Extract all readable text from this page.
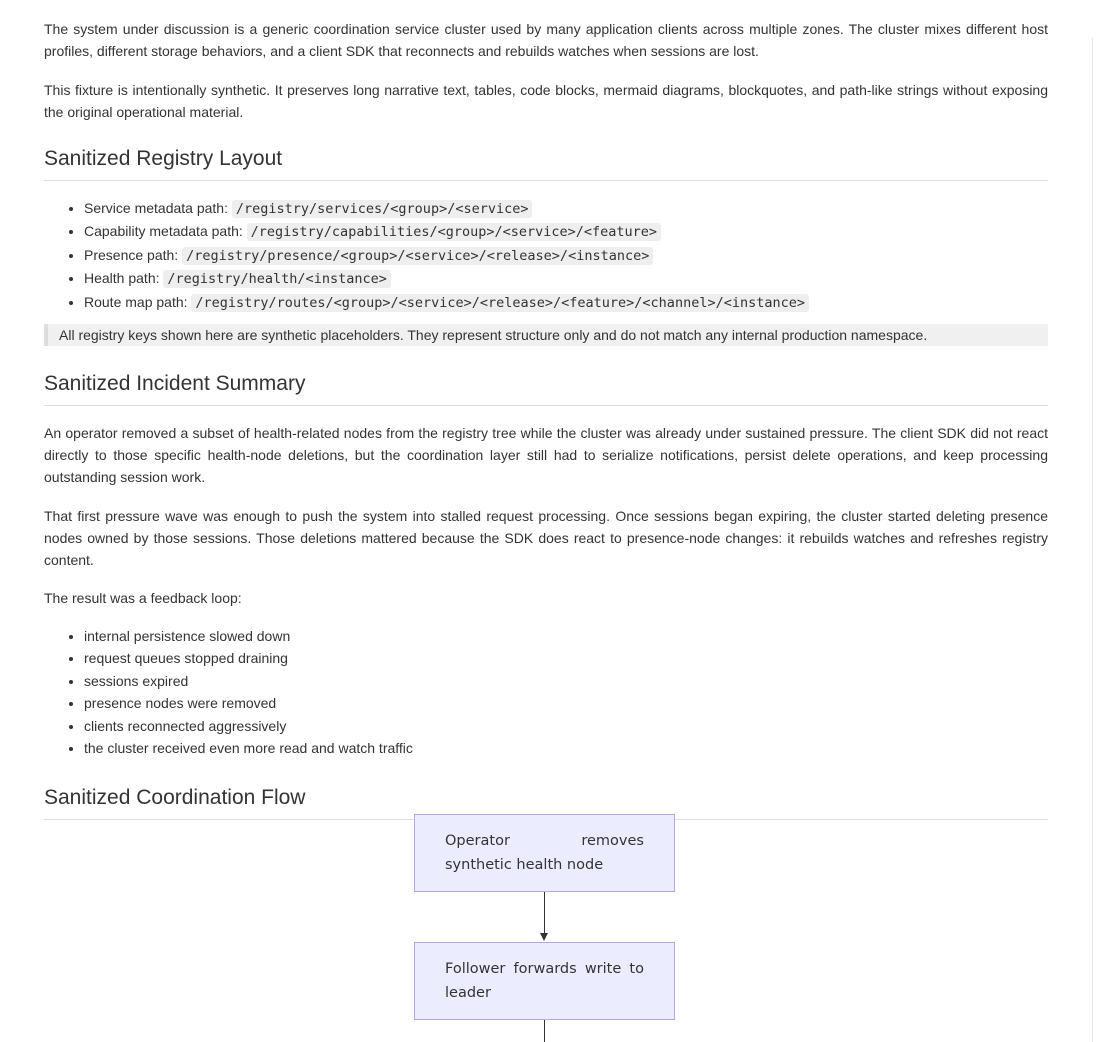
The system under discussion is a generic coordination service cluster used by many application clients across multiple zones. The cluster mixes different host profiles, different storage behaviors, and a client SDK that reconnects and rebuilds watches when sessions are lost.

This fixture is intentionally synthetic. It preserves long narrative text, tables, code blocks, mermaid diagrams, blockquotes, and path-like strings without exposing the original operational material.

Sanitized Registry Layout
• Service metadata path: /registry/services/<group>/<service>
• Capability metadata path: /registry/capabilities/<group>/<service>/<feature>
• Presence path: /registry/presence/<group>/<service>/<release>/<instance>
• Health path: /registry/health/<instance>
• Route map path: /registry/routes/<group>/<service>/<release>/<feature>/<channel>/<instance>

All registry keys shown here are synthetic placeholders. They represent structure only and do not match any internal production namespace.

Sanitized Incident Summary

An operator removed a subset of health-related nodes from the registry tree while the cluster was already under sustained pressure. The client SDK did not react directly to those specific health-node deletions, but the coordination layer still had to serialize notifications, persist delete operations, and keep processing outstanding session work.

That first pressure wave was enough to push the system into stalled request processing. Once sessions began expiring, the cluster started deleting presence nodes owned by those sessions. Those deletions mattered because the SDK does react to presence-node changes: it rebuilds watches and refreshes registry content.

The result was a feedback loop:

• internal persistence slowed down
• request queues stopped draining
• sessions expired
• presence nodes were removed
• clients reconnected aggressively
• the cluster received even more read and watch traffic
Sanitized Coordination Flow
Operator removes synthetic health node
Follower forwards write to leader
